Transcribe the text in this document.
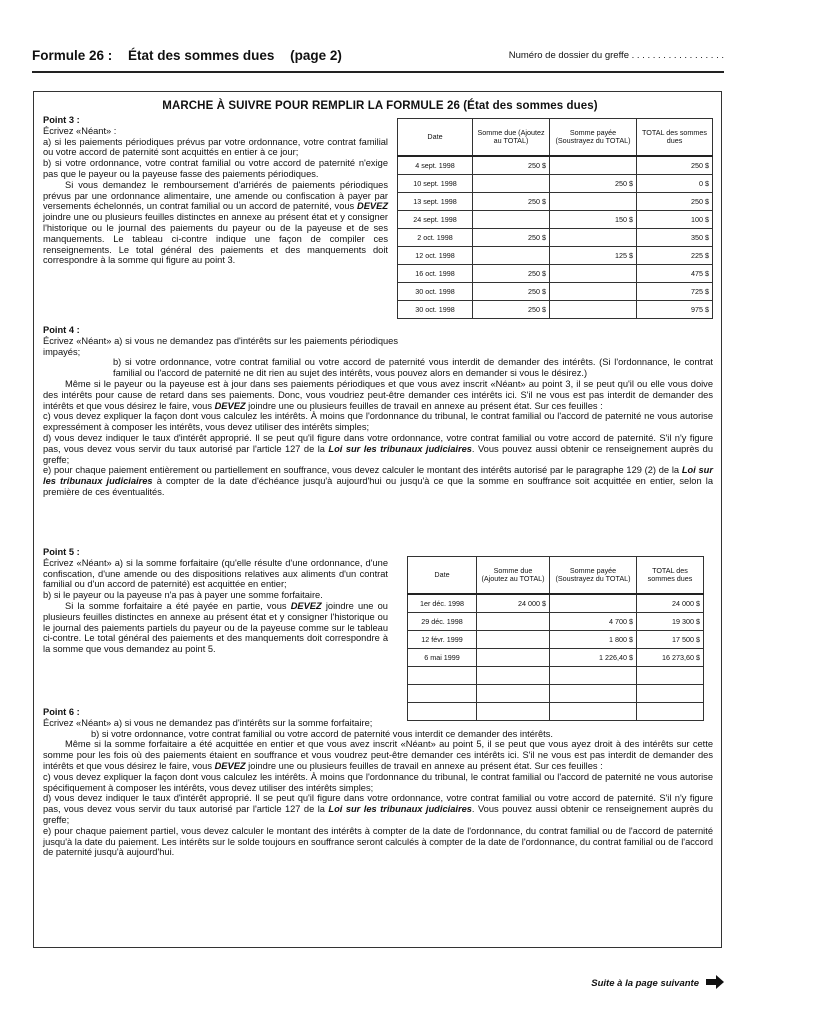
Formule 26 : État des sommes dues (page 2)	Numéro de dossier du greffe . . . . . . . . . . . . . . . . . .
MARCHE À SUIVRE POUR REMPLIR LA FORMULE 26 (État des sommes dues)

Point 3 :

Écrivez «Néant» :

a) si les paiements périodiques prévus par votre ordonnance, votre contrat familial ou votre accord de paternité sont acquittés en entier à ce jour;

b) si votre ordonnance, votre contrat familial ou votre accord de paternité n'exige pas que le payeur ou la payeuse fasse des paiements périodiques.

Si vous demandez le remboursement d'arriérés de paiements périodiques prévus par une ordonnance alimentaire, une amende ou confiscation à payer par versements échelonnés, un contrat familial ou un accord de paternité, vous DEVEZ joindre une ou plusieurs feuilles distinctes en annexe au présent état et y consigner l'historique ou le journal des paiements du payeur ou de la payeuse et de ses manquements. Le tableau ci-contre indique une façon de compiler ces renseignements. Le total général des paiements et des manquements doit correspondre à la somme qui figure au point 3.

Date	Somme due (Ajoutez au TOTAL)	Somme payée (Soustrayez du TOTAL)	TOTAL des sommes dues
4 sept. 1998	250 $		250 $
10 sept. 1998		250 $	0 $
13 sept. 1998	250 $		250 $
24 sept. 1998		150 $	100 $
2 oct. 1998	250 $		350 $
12 oct. 1998		125 $	225 $
16 oct. 1998	250 $		475 $
30 oct. 1998	250 $		725 $
30 oct. 1998	250 $		975 $

Point 4 :

Écrivez «Néant» a) si vous ne demandez pas d'intérêts sur les paiements périodiques impayés;

b) si votre ordonnance, votre contrat familial ou votre accord de paternité vous interdit de demander des intérêts. (Si l'ordonnance, le contrat familial ou l'accord de paternité ne dit rien au sujet des intérêts, vous pouvez alors en demander si vous le désirez.)

Même si le payeur ou la payeuse est à jour dans ses paiements périodiques et que vous avez inscrit «Néant» au point 3, il se peut qu'il ou elle vous doive des intérêts pour cause de retard dans ses paiements. Donc, vous voudriez peut-être demander ces intérêts ici. S'il ne vous est pas interdit de demander des intérêts et que vous désirez le faire, vous DEVEZ joindre une ou plusieurs feuilles de travail en annexe au présent état. Sur ces feuilles :

c) vous devez expliquer la façon dont vous calculez les intérêts. À moins que l'ordonnance du tribunal, le contrat familial ou l'accord de paternité ne vous autorise expressément à composer les intérêts, vous devez utiliser des intérêts simples;

d) vous devez indiquer le taux d'intérêt approprié. Il se peut qu'il figure dans votre ordonnance, votre contrat familial ou votre accord de paternité. S'il n'y figure pas, vous devez vous servir du taux autorisé par l'article 127 de la Loi sur les tribunaux judiciaires. Vous pouvez aussi obtenir ce renseignement auprès du greffe;

e) pour chaque paiement entièrement ou partiellement en souffrance, vous devez calculer le montant des intérêts autorisé par le paragraphe 129 (2) de la Loi sur les tribunaux judiciaires à compter de la date d'échéance jusqu'à aujourd'hui ou jusqu'à ce que la somme en souffrance soit acquittée en entier, selon la première de ces éventualités.

Point 5 :

Écrivez «Néant» a) si la somme forfaitaire (qu'elle résulte d'une ordonnance, d'une confiscation, d'une amende ou des dispositions relatives aux aliments d'un contrat familial ou d'un accord de paternité) est acquittée en entier;

b) si le payeur ou la payeuse n'a pas à payer une somme forfaitaire.

Si la somme forfaitaire a été payée en partie, vous DEVEZ joindre une ou plusieurs feuilles distinctes en annexe au présent état et y consigner l'historique ou le journal des paiements partiels du payeur ou de la payeuse comme sur le tableau ci-contre. Le total général des paiements et des manquements doit correspondre à la somme que vous demandez au point 5.

Date	Somme due (Ajoutez au TOTAL)	Somme payée (Soustrayez du TOTAL)	TOTAL des sommes dues
1er déc. 1998	24 000 $		24 000 $
29 déc. 1998		4 700 $	19 300 $
12 févr. 1999		1 800 $	17 500 $
6 mai 1999		1 226,40 $	16 273,60 $

Point 6 :

Écrivez «Néant» a) si vous ne demandez pas d'intérêts sur la somme forfaitaire;

b) si votre ordonnance, votre contrat familial ou votre accord de paternité vous interdit ce demander des intérêts.

Même si la somme forfaitaire a été acquittée en entier et que vous avez inscrit «Néant» au point 5, il se peut que vous ayez droit à des intérêts sur cette somme pour les fois où des paiements étaient en souffrance et vous voudrez peut-être demander ces intérêts ici. S'il ne vous est pas interdit de demander des intérêts et que vous désirez le faire, vous DEVEZ joindre une ou plusieurs feuilles de travail en annexe au présent état. Sur ces feuilles :

c) vous devez expliquer la façon dont vous calculez les intérêts. À moins que l'ordonnance du tribunal, le contrat familial ou l'accord de paternité ne vous autorise spécifiquement à composer les intérêts, vous devez utiliser des intérêts simples;

d) vous devez indiquer le taux d'intérêt approprié. Il se peut qu'il figure dans votre ordonnance, votre contrat familial ou votre accord de paternité. S'il n'y figure pas, vous devez vous servir du taux autorisé par l'article 127 de la Loi sur les tribunaux judiciaires. Vous pouvez aussi obtenir ce renseignement auprès du greffe;

e) pour chaque paiement partiel, vous devez calculer le montant des intérêts à compter de la date de l'ordonnance, du contrat familial ou de l'accord de paternité jusqu'à la date du paiement. Les intérêts sur le solde toujours en souffrance seront calculés à compter de la date de l'ordonnance, du contrat familial ou de l'accord de paternité jusqu'à aujourd'hui.

Suite à la page suivante
